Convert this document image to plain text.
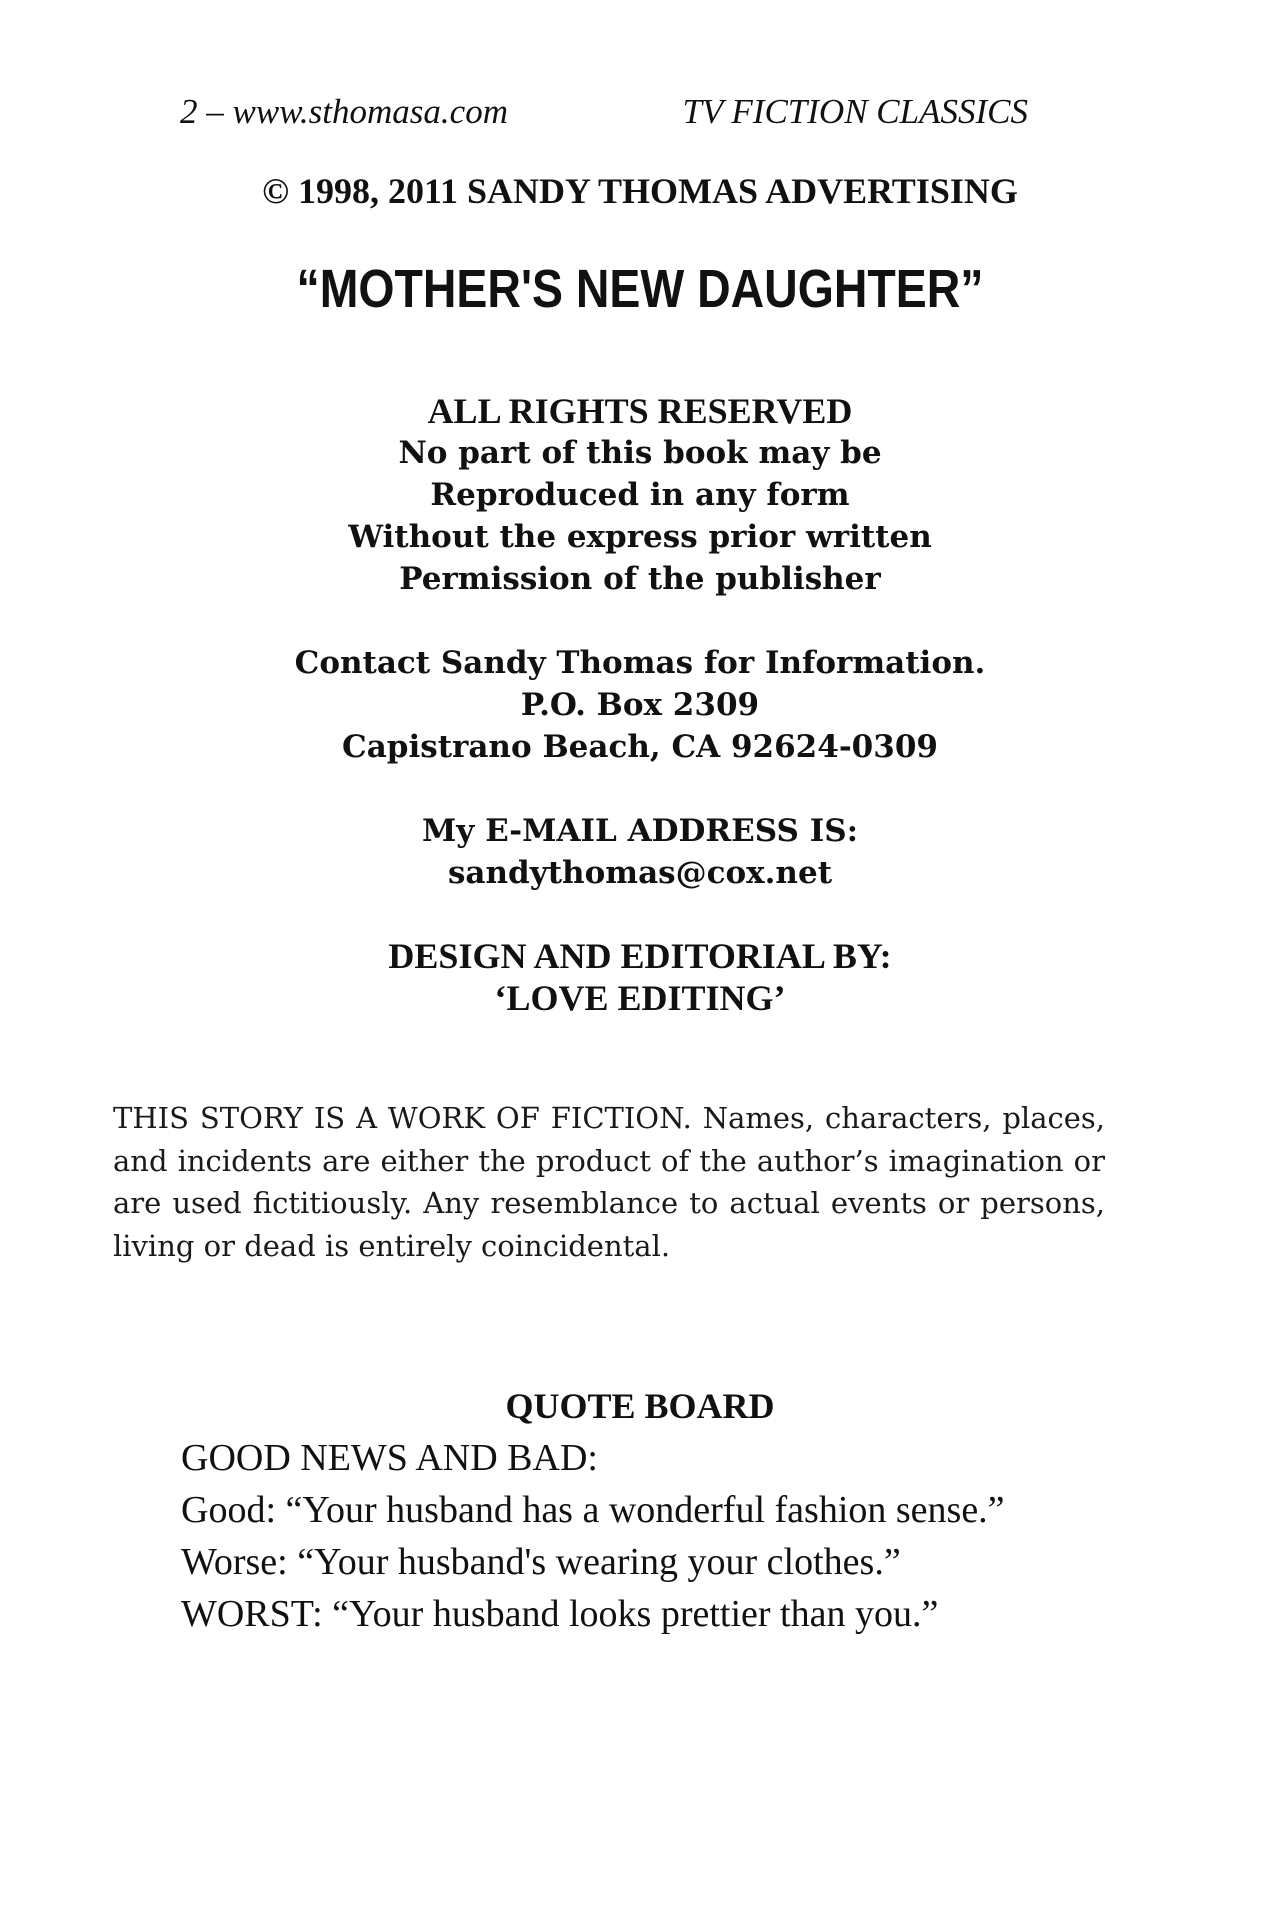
2 – www.sthomasa.com	TV FICTION CLASSICS
© 1998, 2011 SANDY THOMAS ADVERTISING
“MOTHER'S NEW DAUGHTER”
ALL RIGHTS RESERVED
No part of this book may be
Reproduced in any form
Without the express prior written
Permission of the publisher
Contact Sandy Thomas for Information.
P.O. Box 2309
Capistrano Beach, CA 92624-0309
My E-MAIL ADDRESS IS:
sandythomas@cox.net
DESIGN AND EDITORIAL BY:
‘LOVE EDITING’
THIS STORY IS A WORK OF FICTION. Names, characters, places, and incidents are either the product of the author’s imagination or are used fictitiously. Any resemblance to actual events or persons, living or dead is entirely coincidental.
QUOTE BOARD

GOOD NEWS AND BAD:

Good: “Your husband has a wonderful fashion sense.”

Worse: “Your husband's wearing your clothes.”

WORST: “Your husband looks prettier than you.”
